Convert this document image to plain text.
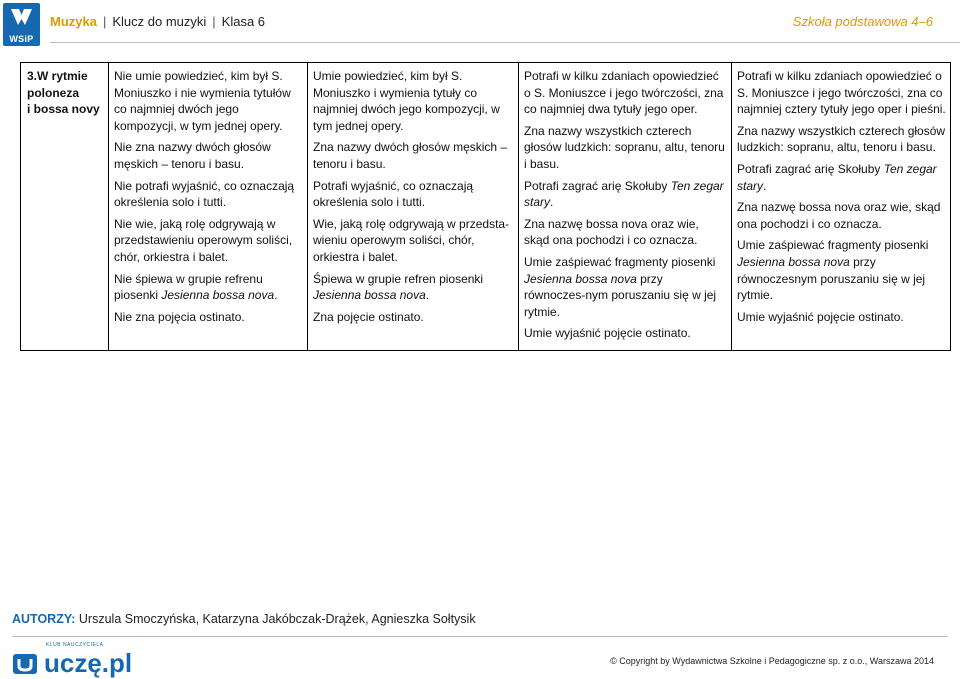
WSiP
Muzyka | Klucz do muzyki | Klasa 6	Szkoła podstawowa 4–6
3.W rytmie
poloneza
i bossa novy

Nie umie powiedzieć, kim był S. Moniuszko i nie wymienia tytułów co najmniej dwóch jego kompozycji, w tym jednej opery.
Nie zna nazwy dwóch głosów męskich – tenoru i basu.
Nie potrafi wyjaśnić, co oznaczają określenia solo i tutti.
Nie wie, jaką rolę odgrywają w przedstawieniu operowym soliści, chór, orkiestra i balet.
Nie śpiewa w grupie refrenu piosenki Jesienna bossa nova.
Nie zna pojęcia ostinato.

Umie powiedzieć, kim był S. Moniuszko i wymienia tytuły co najmniej dwóch jego kompozycji, w tym jednej opery.
Zna nazwy dwóch głosów męskich – tenoru i basu.
Potrafi wyjaśnić, co oznaczają określenia solo i tutti.
Wie, jaką rolę odgrywają w przedsta-wieniu operowym soliści, chór, orkiestra i balet.
Śpiewa w grupie refren piosenki Jesienna bossa nova.
Zna pojęcie ostinato.

Potrafi w kilku zdaniach opowiedzieć o S. Moniuszce i jego twórczości, zna co najmniej dwa tytuły jego oper.
Zna nazwy wszystkich czterech głosów ludzkich: sopranu, altu, tenoru i basu.
Potrafi zagrać arię Skołuby Ten zegar stary.
Zna nazwę bossa nova oraz wie, skąd ona pochodzi i co oznacza.
Umie zaśpiewać fragmenty piosenki Jesienna bossa nova przy równoczes-nym poruszaniu się w jej rytmie.
Umie wyjaśnić pojęcie ostinato.

Potrafi w kilku zdaniach opowiedzieć o S. Moniuszce i jego twórczości, zna co najmniej cztery tytuły jego oper i pieśni.
Zna nazwy wszystkich czterech głosów ludzkich: sopranu, altu, tenoru i basu.
Potrafi zagrać arię Skołuby Ten zegar stary.
Zna nazwę bossa nova oraz wie, skąd ona pochodzi i co oznacza.
Umie zaśpiewać fragmenty piosenki Jesienna bossa nova przy równoczesnym poruszaniu się w jej rytmie.
Umie wyjaśnić pojęcie ostinato.
AUTORZY: Urszula Smoczyńska, Katarzyna Jakóbczak-Drążek, Agnieszka Sołtysik
KLUB NAUCZYCIELA
uczę.pl	© Copyright by Wydawnictwa Szkolne i Pedagogiczne sp. z o.o., Warszawa 2014
